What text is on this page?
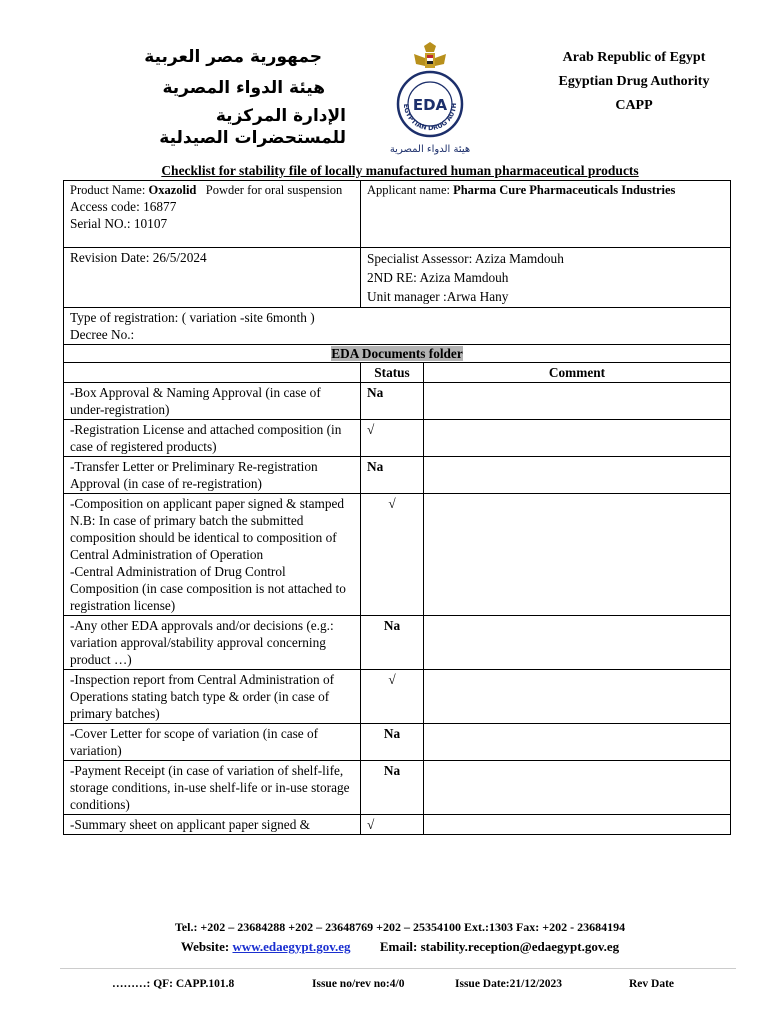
جمهورية مصر العربية
هيئة الدواء المصرية
الإدارة المركزية
للمستحضرات الصيدلية
EGYPTIAN DRUG AUTH
EDA
هيئة الدواء المصرية
Arab Republic of Egypt
Egyptian Drug Authority
CAPP
Checklist for stability file of locally manufactured human pharmaceutical products
Product Name: Oxazolid Powder for oral suspension
Access code: 16877
Serial NO.: 10107	Applicant name: Pharma Cure Pharmaceuticals Industries	

Revision Date: 26/5/2024	Specialist Assessor: Aziza Mamdouh
2ND RE: Aziza Mamdouh
Unit manager :Arwa Hany	

Type of registration: ( variation -site 6month )
Decree No.:		

EDA Documents folder		
	Status	Comment
-Box Approval & Naming Approval (in case of under-registration)	Na	
-Registration License and attached composition (in case of registered products)	√	
-Transfer Letter or Preliminary Re-registration Approval (in case of re-registration)	Na	
-Composition on applicant paper signed & stamped
N.B: In case of primary batch the submitted composition should be identical to composition of Central Administration of Operation
-Central Administration of Drug Control Composition (in case composition is not attached to registration license)	√	
-Any other EDA approvals and/or decisions (e.g.: variation approval/stability approval concerning product …)	Na	
-Inspection report from Central Administration of Operations stating batch type & order (in case of primary batches)	√	
-Cover Letter for scope of variation (in case of variation)	Na	
-Payment Receipt (in case of variation of shelf-life, storage conditions, in-use shelf-life or in-use storage conditions)	Na	
-Summary sheet on applicant paper signed &	√	
Tel.: +202 – 23684288 +202 – 23648769 +202 – 25354100 Ext.:1303 Fax: +202 - 23684194
Website: www.edaegypt.gov.eg Email: stability.reception@edaegypt.gov.eg
………: QF: CAPP.101.8	Issue no/rev no:4/0	Issue Date:21/12/2023	Rev Date
